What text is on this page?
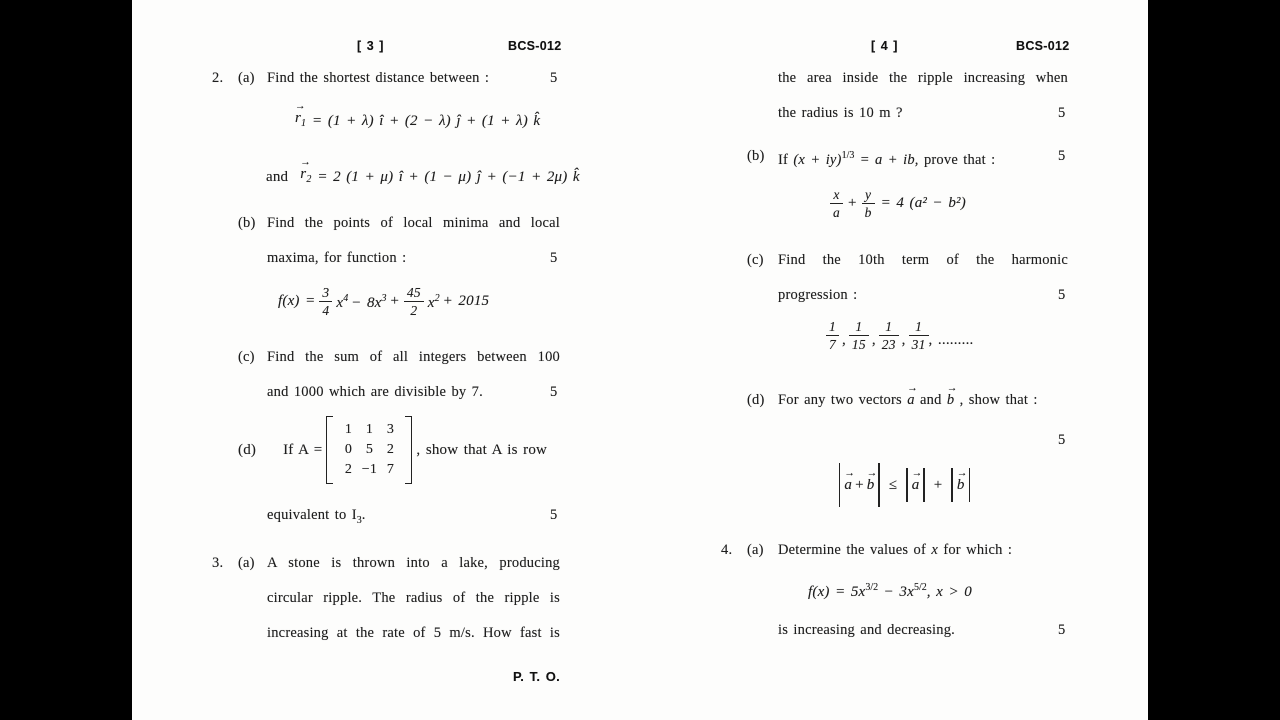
[ 3 ]	BCS-012
2. (a) Find the shortest distance between :	5
→
$r_1 = (1 + \lambda)$ î + (2 − λ) ĵ + (1 + λ) k̂
and
→
$r_2 = 2$ (1 + μ) î + (1 − μ) ĵ + (−1 + 2μ) k̂
(b) Find the points of local minima and local
maxima, for function :	5
$f(x) = \frac{3}{4} x^4 - 8x^3 + \frac{45}{2} x^2 + 2015$
(c) Find the sum of all integers between 100
and 1000 which are divisible by 7.	5
(d) If A =
1 1 3
0 5 2
2 −1 7
, show that A is row
equivalent to $I_3$.	5
3. (a) A stone is thrown into a lake, producing
circular ripple. The radius of the ripple is
increasing at the rate of 5 m/s. How fast is
P. T. O.
[ 4 ]	BCS-012
the area inside the ripple increasing when
the radius is 10 m ?	5
(b) If (x + iy)$^{1/3}$ = a + ib, prove that :	5
$\frac{x}{a} + \frac{y}{b} = 4$ (a² − b²)
(c) Find the 10th term of the harmonic
progression :	5
$\frac{1}{7}$ , $\frac{1}{15}$ , $\frac{1}{23}$ , $\frac{1}{31}$ , .........
(d) For any two vectors
→
a and
→
b , show that :
5
→
a +
→
b ≤
→
a +
→
b
4. (a) Determine the values of x for which :
$f(x) = 5x^{3/2} - 3x^{5/2}$, x > 0
is increasing and decreasing.	5
